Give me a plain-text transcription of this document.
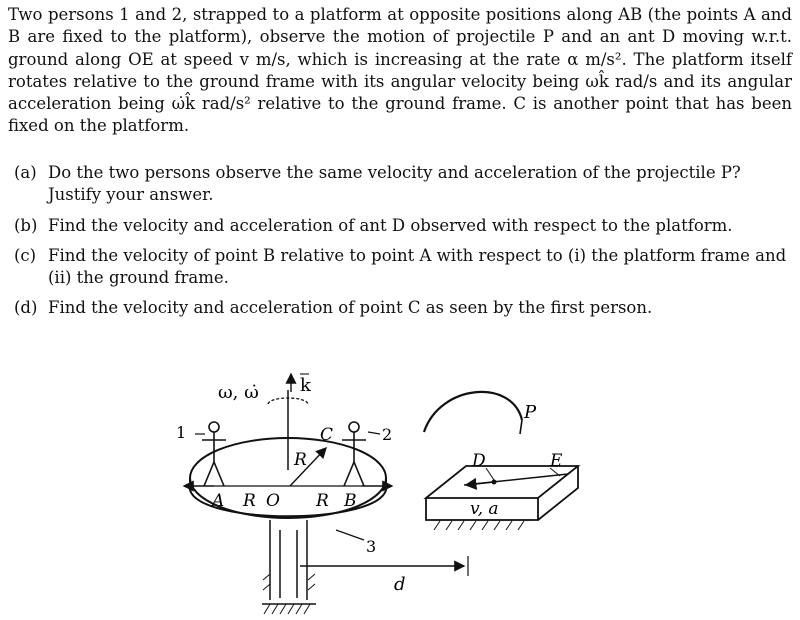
Two persons 1 and 2, strapped to a platform at opposite positions along AB (the points A and B are fixed to the platform), observe the motion of projectile P and an ant D moving w.r.t. ground along OE at speed v m/s, which is increasing at the rate α m/s². The platform itself rotates relative to the ground frame with its angular velocity being ωk̂ rad/s and its angular acceleration being ω̇k̂ rad/s² relative to the ground frame. C is another point that has been fixed on the platform.
(a) Do the two persons observe the same velocity and acceleration of the projectile P? Justify your answer.
(b) Find the velocity and acceleration of ant D observed with respect to the platform.
(c) Find the velocity of point B relative to point A with respect to (i) the platform frame and (ii) the ground frame.
(d) Find the velocity and acceleration of point C as seen by the first person.
ω, ω̇ k
1	2
C
R
A R O R B
3
d
P
D	E
v, a
